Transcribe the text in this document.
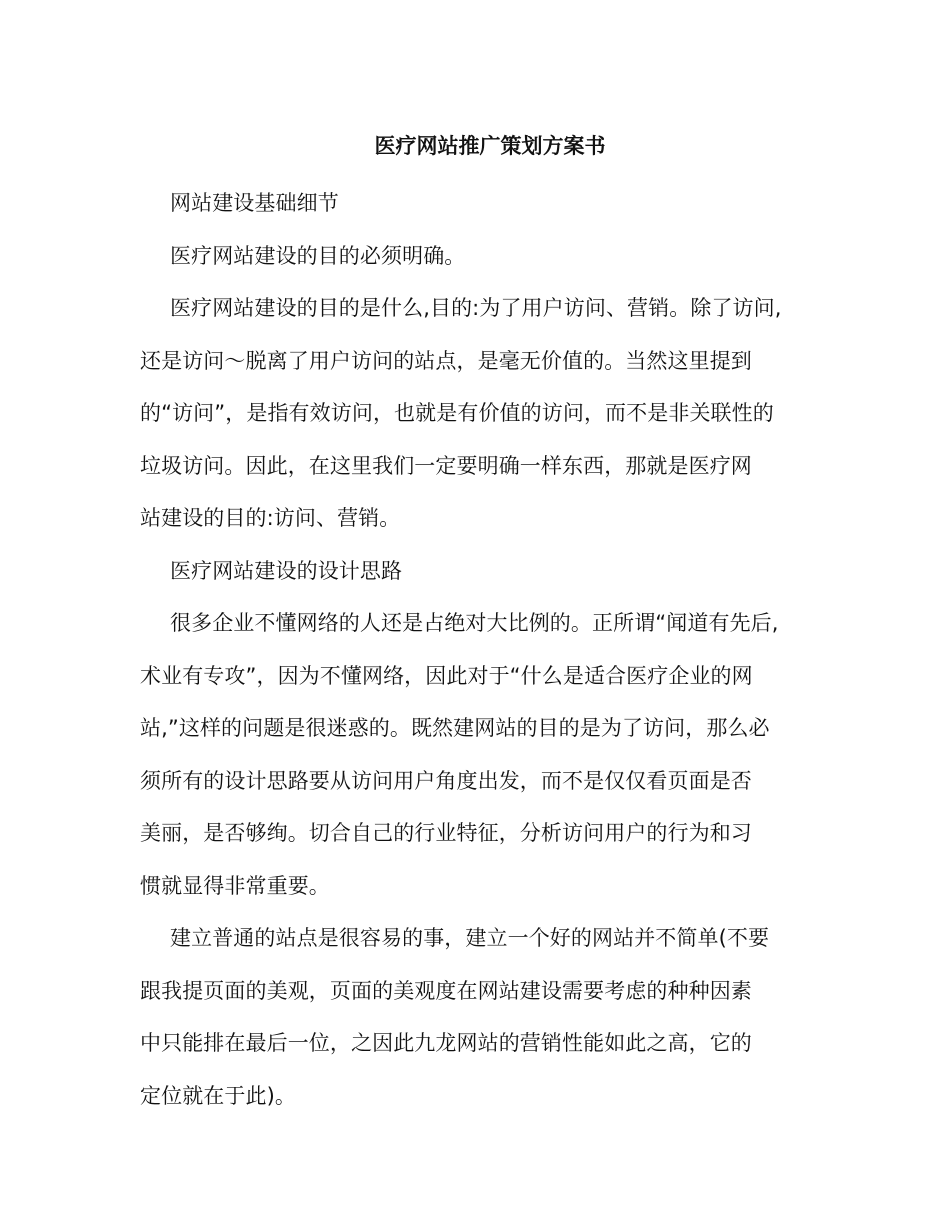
医疗网站推广策划方案书

网站建设基础细节

医疗网站建设的目的必须明确。

医疗网站建设的目的是什么,目的:为了用户访问、营销。除了访问,
还是访问～脱离了用户访问的站点，是毫无价值的。当然这里提到
的“访问”，是指有效访问，也就是有价值的访问，而不是非关联性的
垃圾访问。因此，在这里我们一定要明确一样东西，那就是医疗网
站建设的目的:访问、营销。

医疗网站建设的设计思路

很多企业不懂网络的人还是占绝对大比例的。正所谓“闻道有先后,
术业有专攻”，因为不懂网络，因此对于“什么是适合医疗企业的网
站,”这样的问题是很迷惑的。既然建网站的目的是为了访问，那么必
须所有的设计思路要从访问用户角度出发，而不是仅仅看页面是否
美丽，是否够绚。切合自己的行业特征，分析访问用户的行为和习
惯就显得非常重要。

建立普通的站点是很容易的事，建立一个好的网站并不简单(不要
跟我提页面的美观，页面的美观度在网站建设需要考虑的种种因素
中只能排在最后一位，之因此九龙网站的营销性能如此之高，它的
定位就在于此)。
